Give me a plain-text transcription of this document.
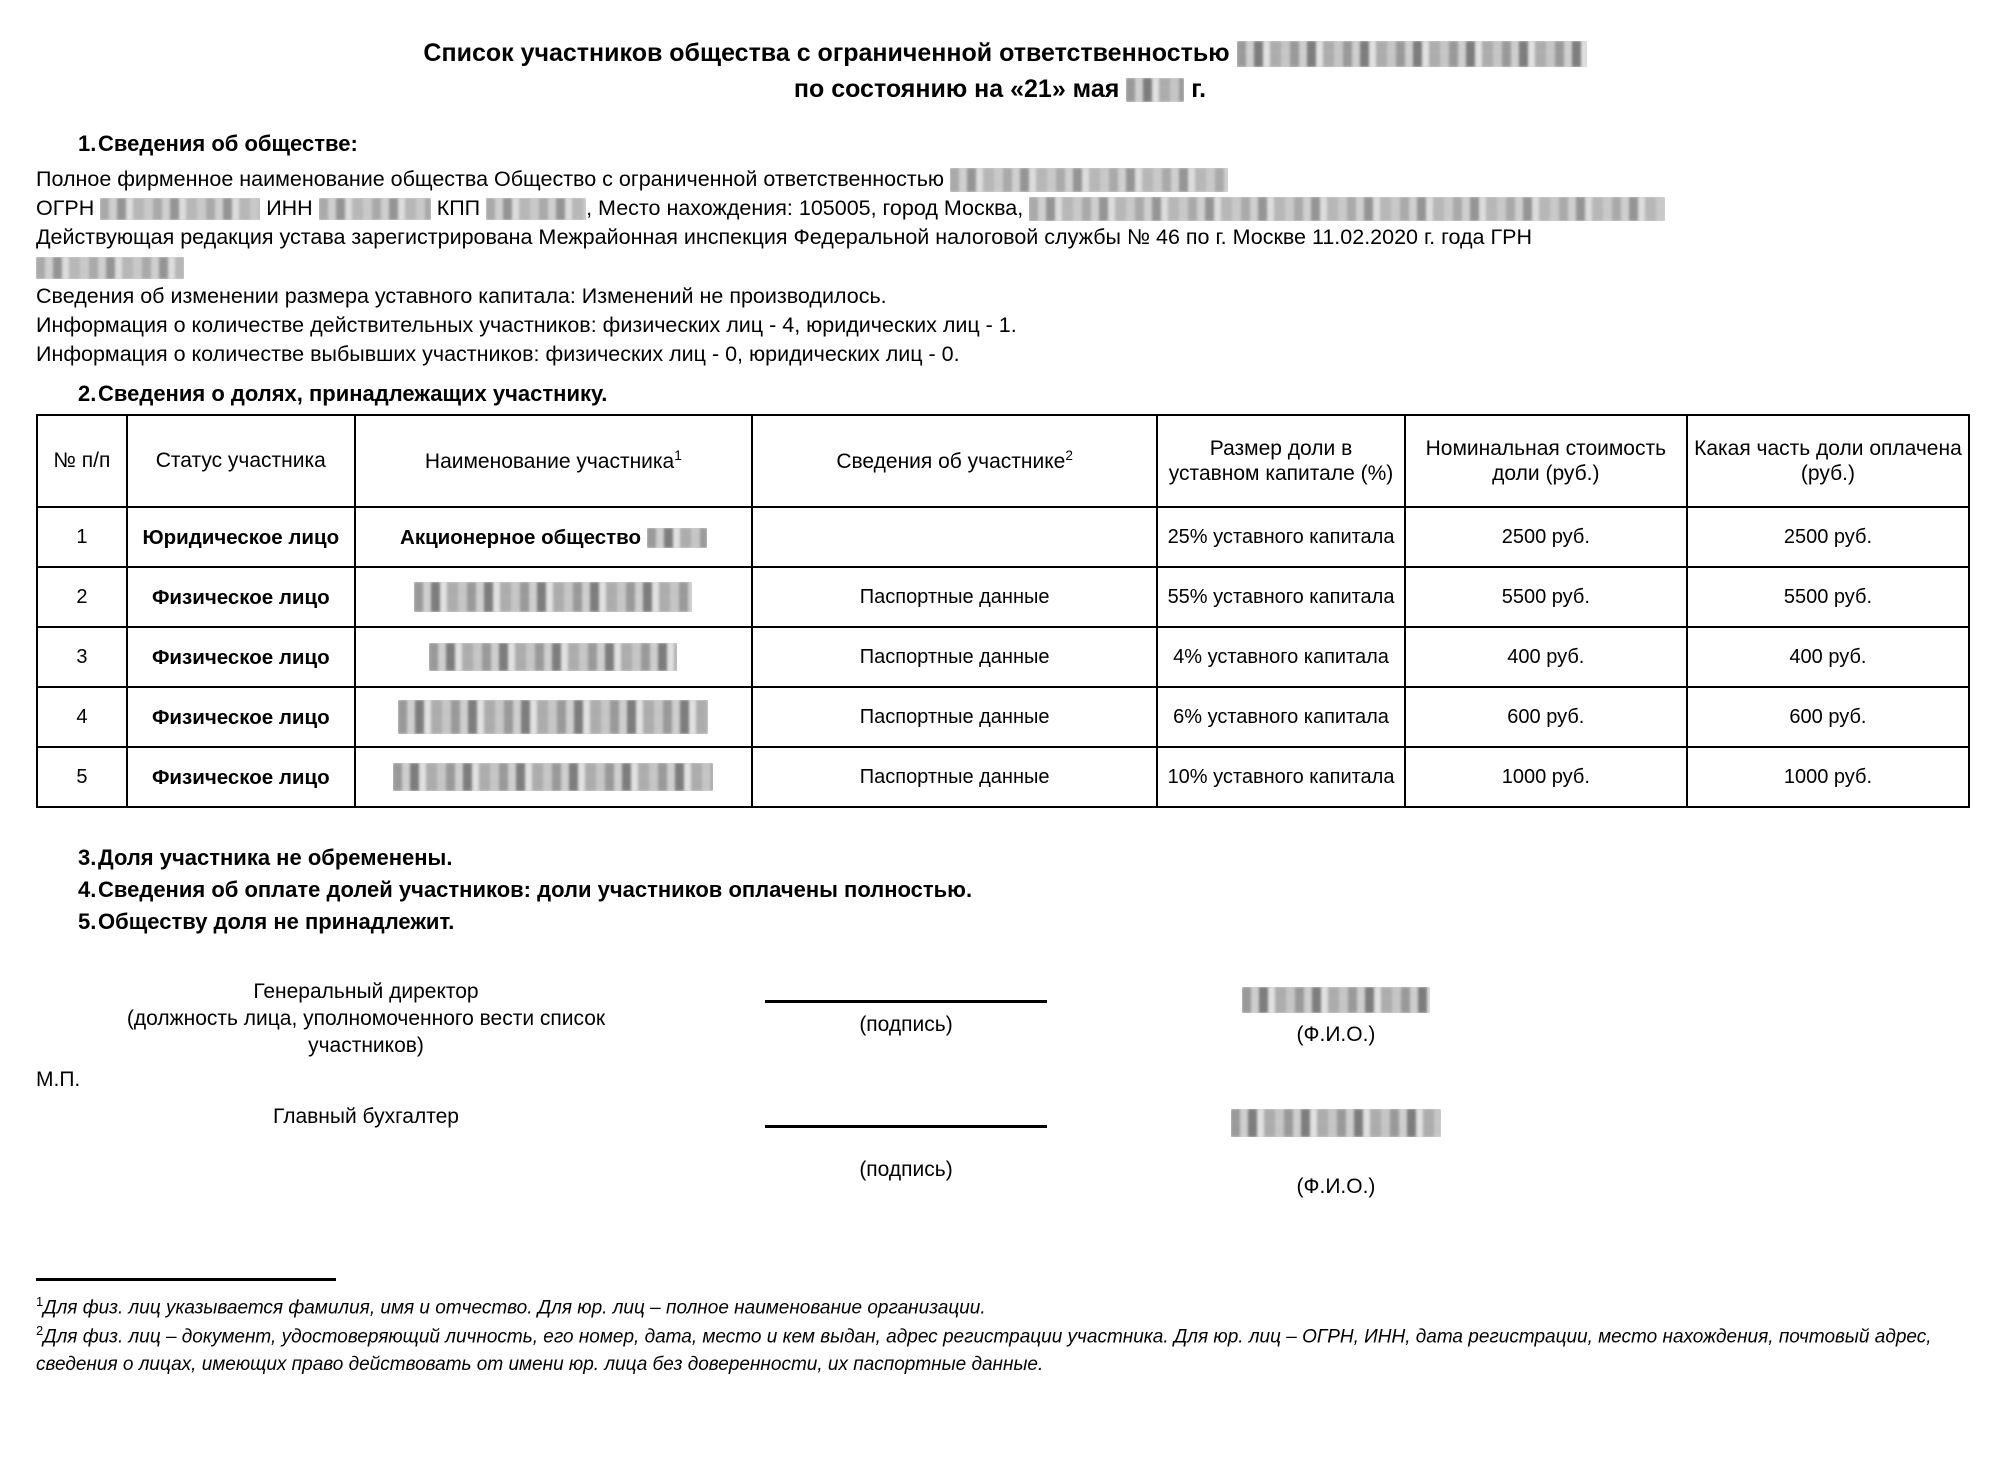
Список участников общества с ограниченной ответственностью
по состоянию на «21» мая	г.
1.Сведения об обществе:
Полное фирменное наименование общества Общество с ограниченной ответственностью
ОГРН	ИНН	КПП	, Место нахождения: 105005, город Москва,
Действующая редакция устава зарегистрирована Межрайонная инспекция Федеральной налоговой службы № 46 по г. Москве 11.02.2020 г. года ГРН

Сведения об изменении размера уставного капитала: Изменений не производилось.
Информация о количестве действительных участников: физических лиц - 4, юридических лиц - 1.
Информация о количестве выбывших участников: физических лиц - 0, юридических лиц - 0.
2.Сведения о долях, принадлежащих участнику.
№ п/п	Статус участника	Наименование участника$^1$	Сведения об участнике$^2$	Размер доли в уставном капитале (%)	Номинальная стоимость доли (руб.)	Какая часть доли оплачена (руб.)
1	Юридическое лицо	Акционерное общество		25% уставного капитала	2500 руб.	2500 руб.
2	Физическое лицо		Паспортные данные	55% уставного капитала	5500 руб.	5500 руб.
3	Физическое лицо		Паспортные данные	4% уставного капитала	400 руб.	400 руб.
4	Физическое лицо		Паспортные данные	6% уставного капитала	600 руб.	600 руб.
5	Физическое лицо		Паспортные данные	10% уставного капитала	1000 руб.	1000 руб.
3.Доля участника не обременены.
4.Сведения об оплате долей участников: доли участников оплачены полностью.
5.Обществу доля не принадлежит.
Генеральный директор
(должность лица, уполномоченного вести список
участников)
(подпись)	(Ф.И.О.)
М.П.
Главный бухгалтер
(подпись)
(Ф.И.О.)
$^1$Для физ. лиц указывается фамилия, имя и отчество. Для юр. лиц – полное наименование организации.
$^2$Для физ. лиц – документ, удостоверяющий личность, его номер, дата, место и кем выдан, адрес регистрации участника. Для юр. лиц – ОГРН, ИНН, дата регистрации, место нахождения, почтовый адрес, сведения о лицах, имеющих право действовать от имени юр. лица без доверенности, их паспортные данные.
